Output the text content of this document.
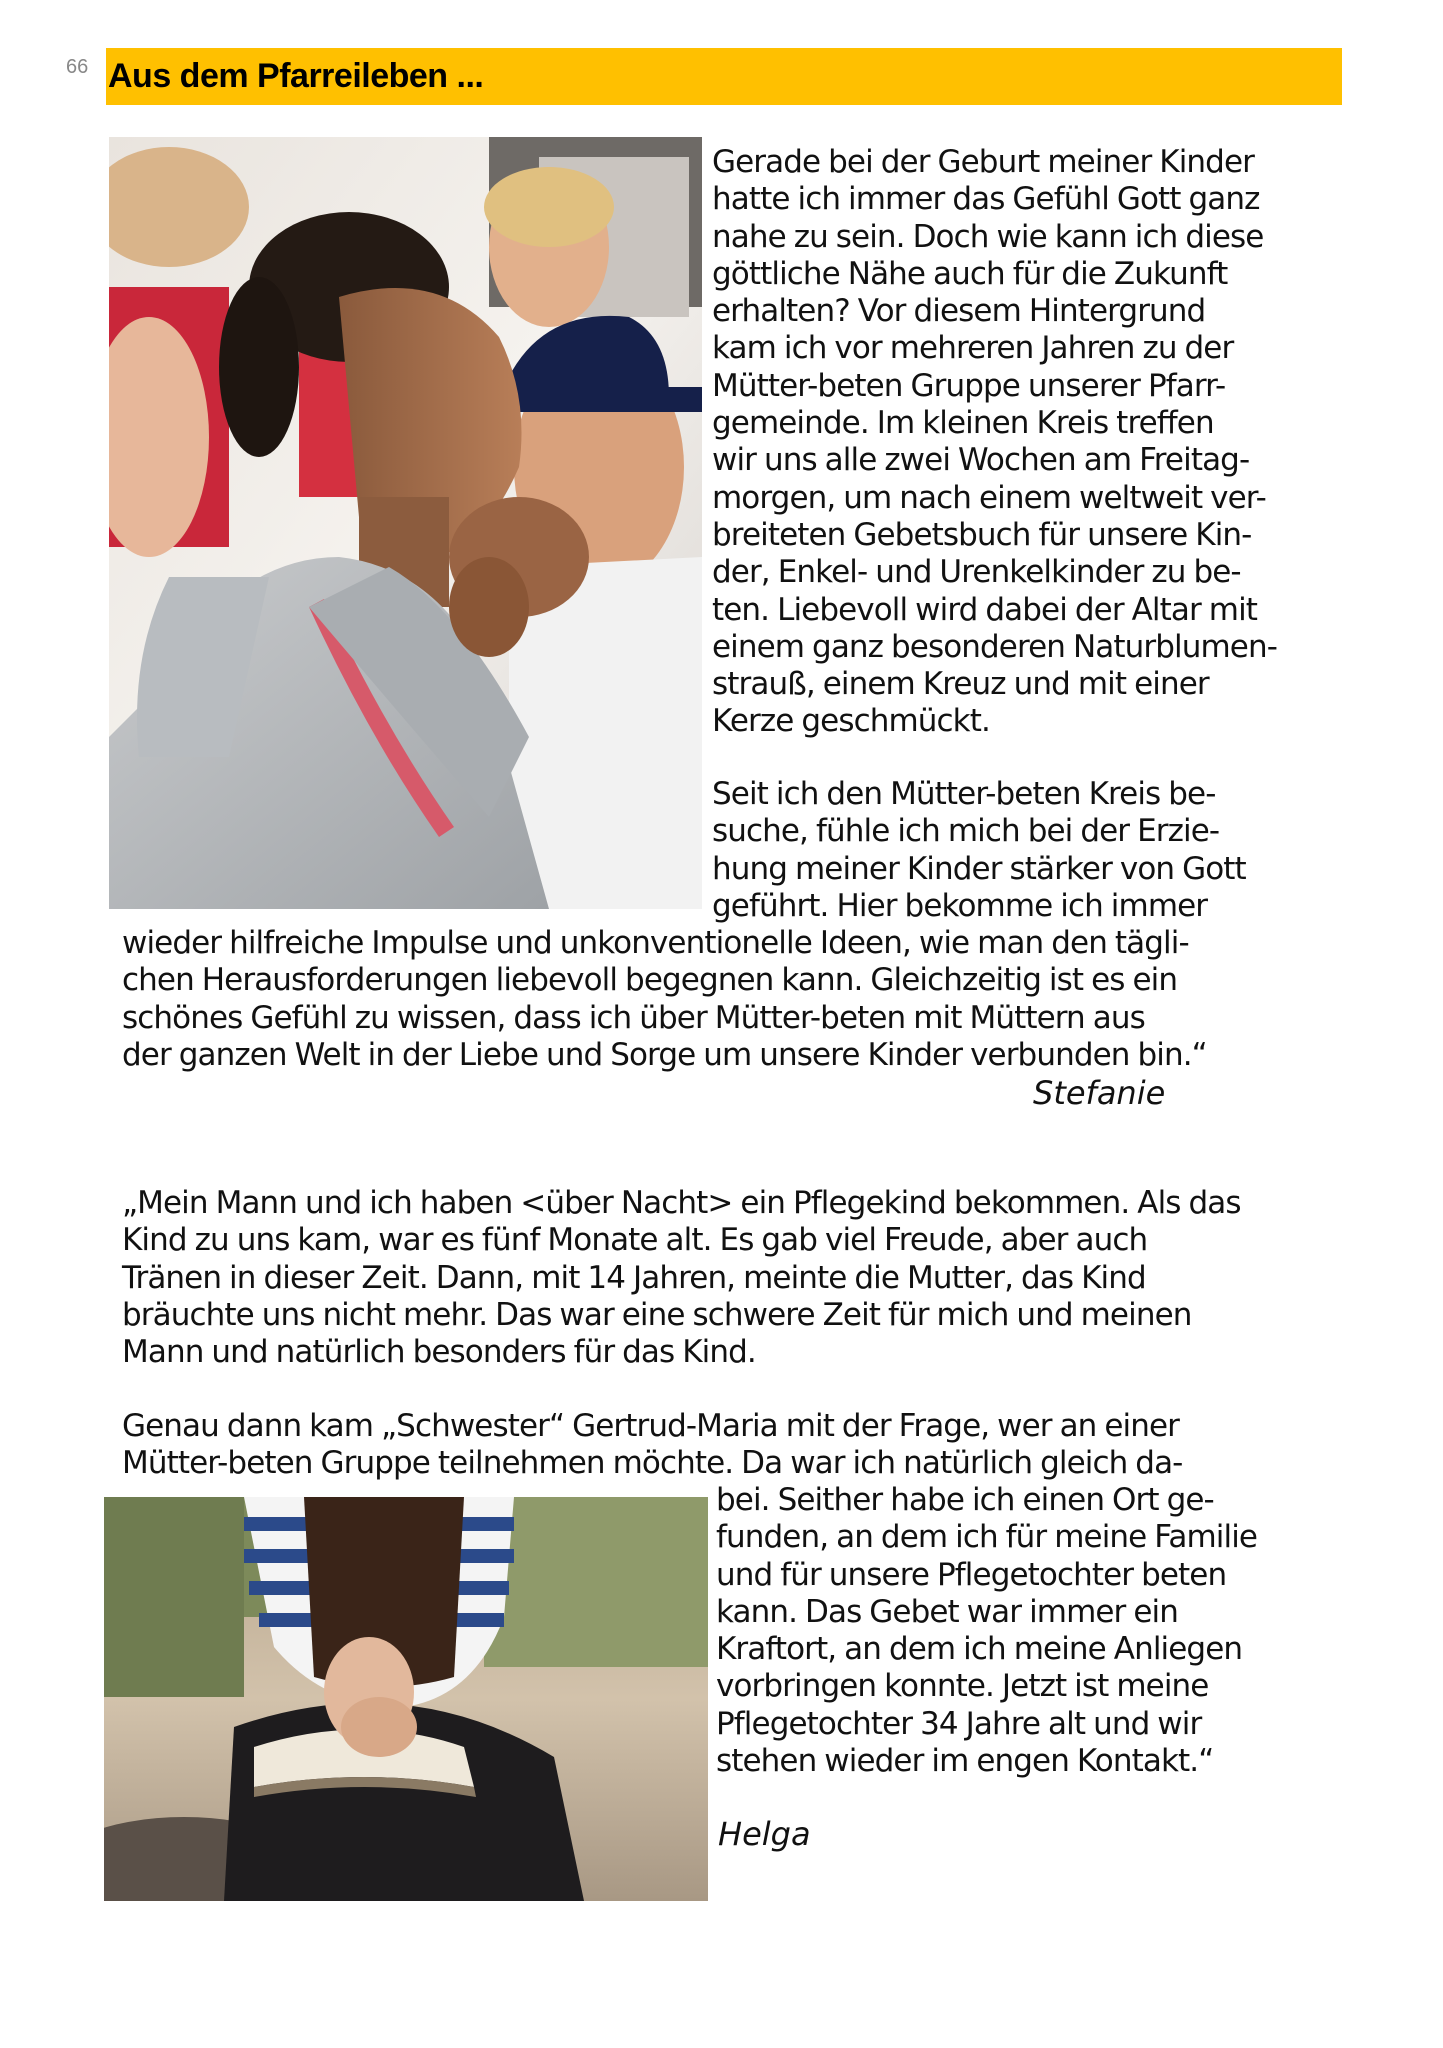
66 Aus dem Pfarreileben ...
Gerade bei der Geburt meiner Kinder
hatte ich immer das Gefühl Gott ganz
nahe zu sein. Doch wie kann ich diese
göttliche Nähe auch für die Zukunft
erhalten? Vor diesem Hintergrund
kam ich vor mehreren Jahren zu der
Mütter-beten Gruppe unserer Pfarr-
gemeinde. Im kleinen Kreis treffen
wir uns alle zwei Wochen am Freitag-
morgen, um nach einem weltweit ver-
breiteten Gebetsbuch für unsere Kin-
der, Enkel- und Urenkelkinder zu be-
ten. Liebevoll wird dabei der Altar mit
einem ganz besonderen Naturblumen-
strauß, einem Kreuz und mit einer
Kerze geschmückt.
Seit ich den Mütter-beten Kreis be-
suche, fühle ich mich bei der Erzie-
hung meiner Kinder stärker von Gott
geführt. Hier bekomme ich immer
wieder hilfreiche Impulse und unkonventionelle Ideen, wie man den tägli-
chen Herausforderungen liebevoll begegnen kann. Gleichzeitig ist es ein
schönes Gefühl zu wissen, dass ich über Mütter-beten mit Müttern aus
der ganzen Welt in der Liebe und Sorge um unsere Kinder verbunden bin.“
Stefanie
„Mein Mann und ich haben <über Nacht> ein Pflegekind bekommen. Als das
Kind zu uns kam, war es fünf Monate alt. Es gab viel Freude, aber auch
Tränen in dieser Zeit. Dann, mit 14 Jahren, meinte die Mutter, das Kind
bräuchte uns nicht mehr. Das war eine schwere Zeit für mich und meinen
Mann und natürlich besonders für das Kind.
Genau dann kam „Schwester“ Gertrud-Maria mit der Frage, wer an einer
Mütter-beten Gruppe teilnehmen möchte. Da war ich natürlich gleich da-
bei. Seither habe ich einen Ort ge-
funden, an dem ich für meine Familie
und für unsere Pflegetochter beten
kann. Das Gebet war immer ein
Kraftort, an dem ich meine Anliegen
vorbringen konnte. Jetzt ist meine
Pflegetochter 34 Jahre alt und wir
stehen wieder im engen Kontakt.“
Helga
